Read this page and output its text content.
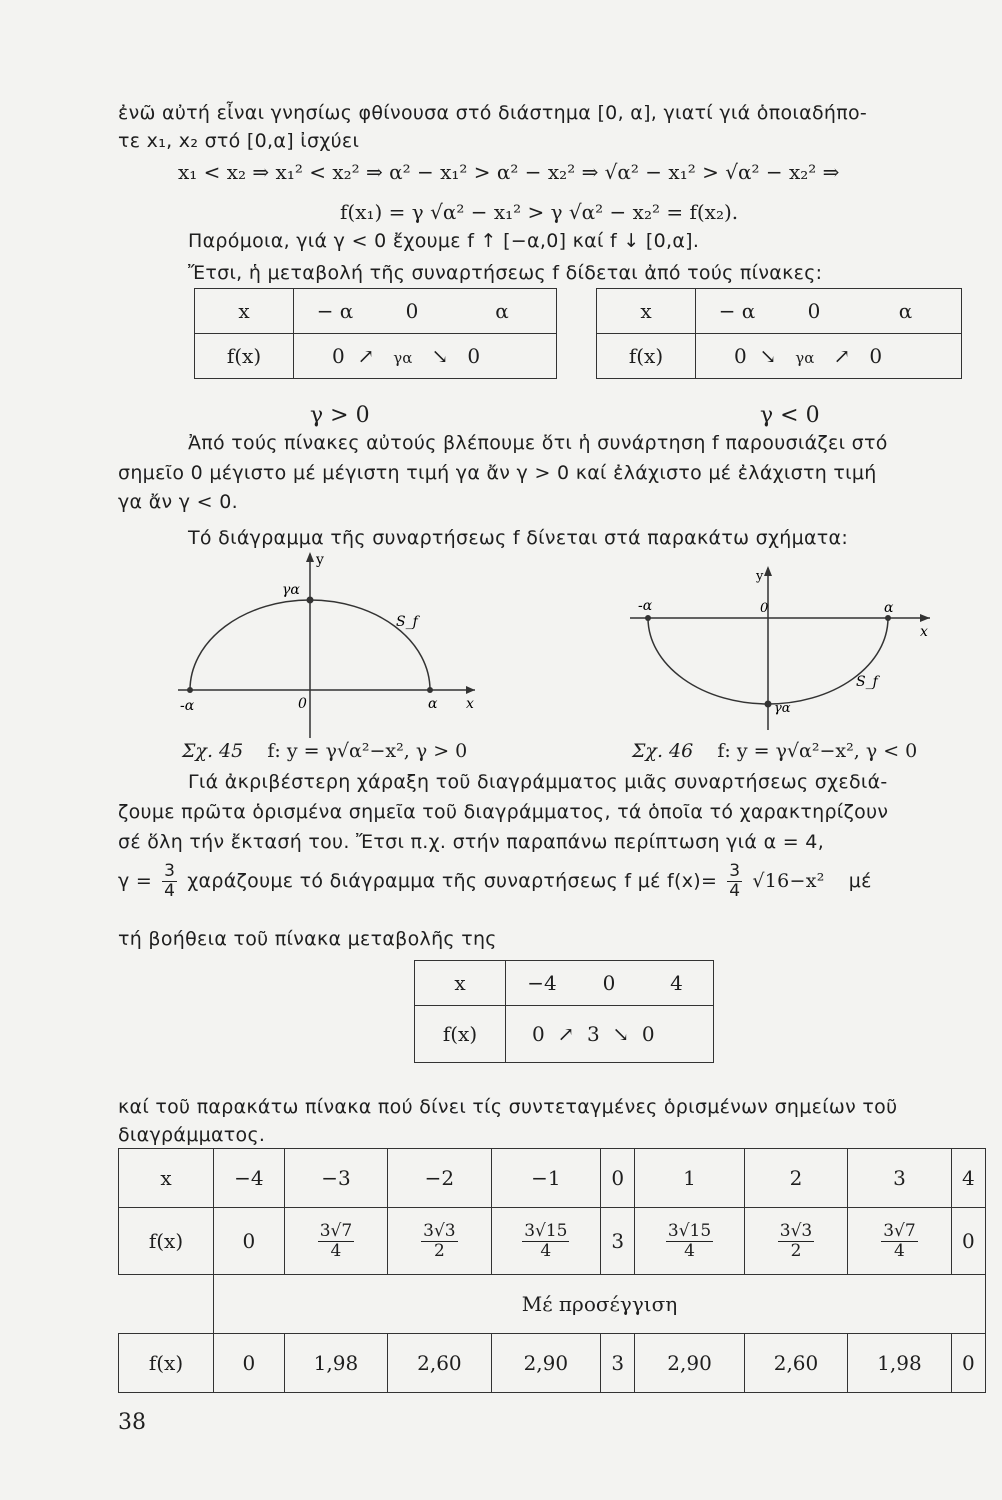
ἐνῶ αὐτή εἶναι γνησίως φθίνουσα στό διάστημα [0, α], γιατί γιά ὁποιαδήπο-
τε x₁, x₂ στό [0,α] ἰσχύει
x₁ < x₂ ⇒ x₁² < x₂² ⇒ α² − x₁² > α² − x₂² ⇒ √α² − x₁² > √α² − x₂² ⇒
f(x₁) = γ √α² − x₁² > γ √α² − x₂² = f(x₂).
Παρόμοια, γιά γ < 0 ἔχουμε f ↑ [−α,0] καί f ↓ [0,α].
Ἔτσι, ἡ μεταβολή τῆς συναρτήσεως f δίδεται ἀπό τούς πίνακες:
x	− α	0	α
f(x)	0 ↗ γα ↘ 0		
γ > 0
x	− α	0	α
f(x)	0 ↘ γα ↗ 0		
γ < 0
Ἀπό τούς πίνακες αὐτούς βλέπουμε ὅτι ἡ συνάρτηση f παρουσιάζει στό
σημεῖο 0 μέγιστο μέ μέγιστη τιμή γα ἄν γ > 0 καί ἐλάχιστο μέ ἐλάχιστη τιμή
γα ἄν γ < 0.
Τό διάγραμμα τῆς συναρτήσεως f δίνεται στά παρακάτω σχήματα:
y
γα
-α	0	α x
S_f
Σχ. 45 f: y = γ√α²−x², γ > 0
y
γα
-α	0	α
x
S_f
Σχ. 46 f: y = γ√α²−x², γ < 0
Γιά ἀκριβέστερη χάραξη τοῦ διαγράμματος μιᾶς συναρτήσεως σχεδιά-
ζουμε πρῶτα ὁρισμένα σημεῖα τοῦ διαγράμματος, τά ὁποῖα τό χαρακτηρίζουν
σέ ὅλη τήν ἔκτασή του. Ἔτσι π.χ. στήν παραπάνω περίπτωση γιά α = 4,
$\gamma = \frac{3}{4}$ χαράζουμε τό διάγραμμα τῆς συναρτήσεως f μέ $f(x)= \frac{3}{4} √16-x^2$ μέ
τή βοήθεια τοῦ πίνακα μεταβολῆς της
x	−4	0	4
f(x)	0 ↗ 3 ↘ 0		
καί τοῦ παρακάτω πίνακα πού δίνει τίς συντεταγμένες ὁρισμένων σημείων τοῦ
διαγράμματος.
x	−4	−3	−2	−1	0	1	2	3	4
f(x)	0	$\frac{3√7}{4}$	$\frac{3√3}{2}$	$\frac{3√15}{4}$	3	$\frac{3√15}{4}$	$\frac{3√3}{2}$	$\frac{3√7}{4}$	0
	Μέ προσέγγιση								
f(x)	0	1,98	2,60	2,90	3	2,90	2,60	1,98	0
38
